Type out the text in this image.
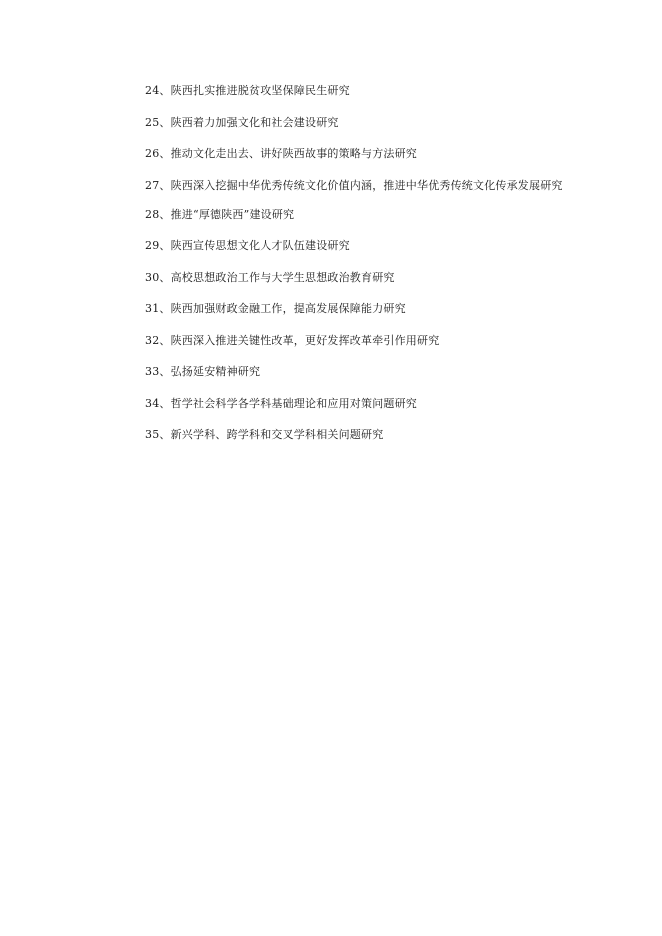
24、陕西扎实推进脱贫攻坚保障民生研究

25、陕西着力加强文化和社会建设研究

26、推动文化走出去、讲好陕西故事的策略与方法研究

27、陕西深入挖掘中华优秀传统文化价值内涵，推进中华优秀传统文化传承发展研究

28、推进“厚德陕西”建设研究

29、陕西宣传思想文化人才队伍建设研究

30、高校思想政治工作与大学生思想政治教育研究

31、陕西加强财政金融工作，提高发展保障能力研究

32、陕西深入推进关键性改革，更好发挥改革牵引作用研究

33、弘扬延安精神研究

34、哲学社会科学各学科基础理论和应用对策问题研究

35、新兴学科、跨学科和交叉学科相关问题研究
